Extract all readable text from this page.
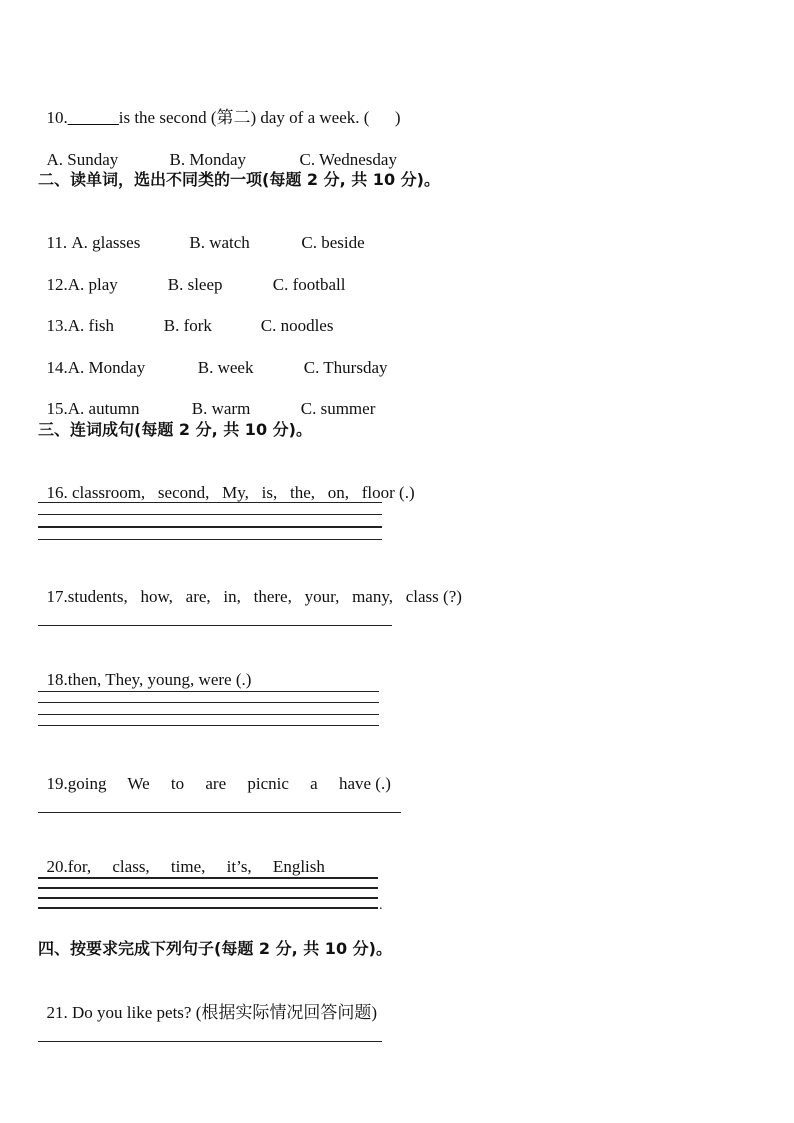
10.______is the second (第二) day of a week. (      )

A. Sunday	B. Monday	C. Wednesday

二、读单词，选出不同类的一项(每题 2 分, 共 10 分)。

11. A. glasses	B. watch	C. beside

12.A. play	B. sleep	C. football

13.A. fish	B. fork	C. noodles

14.A. Monday	B. week	C. Thursday

15.A. autumn	B. warm	C. summer

三、连词成句(每题 2 分, 共 10 分)。

16. classroom,   second,   My,   is,   the,   on,   floor (.)

17.students,   how,   are,   in,   there,   your,   many,   class (?)

18.then, They, young, were (.)

19.going     We     to     are     picnic     a     have (.)

20.for,     class,     time,     it’s,     English

.
四、按要求完成下列句子(每题 2 分, 共 10 分)。

21. Do you like pets? (根据实际情况回答问题)
